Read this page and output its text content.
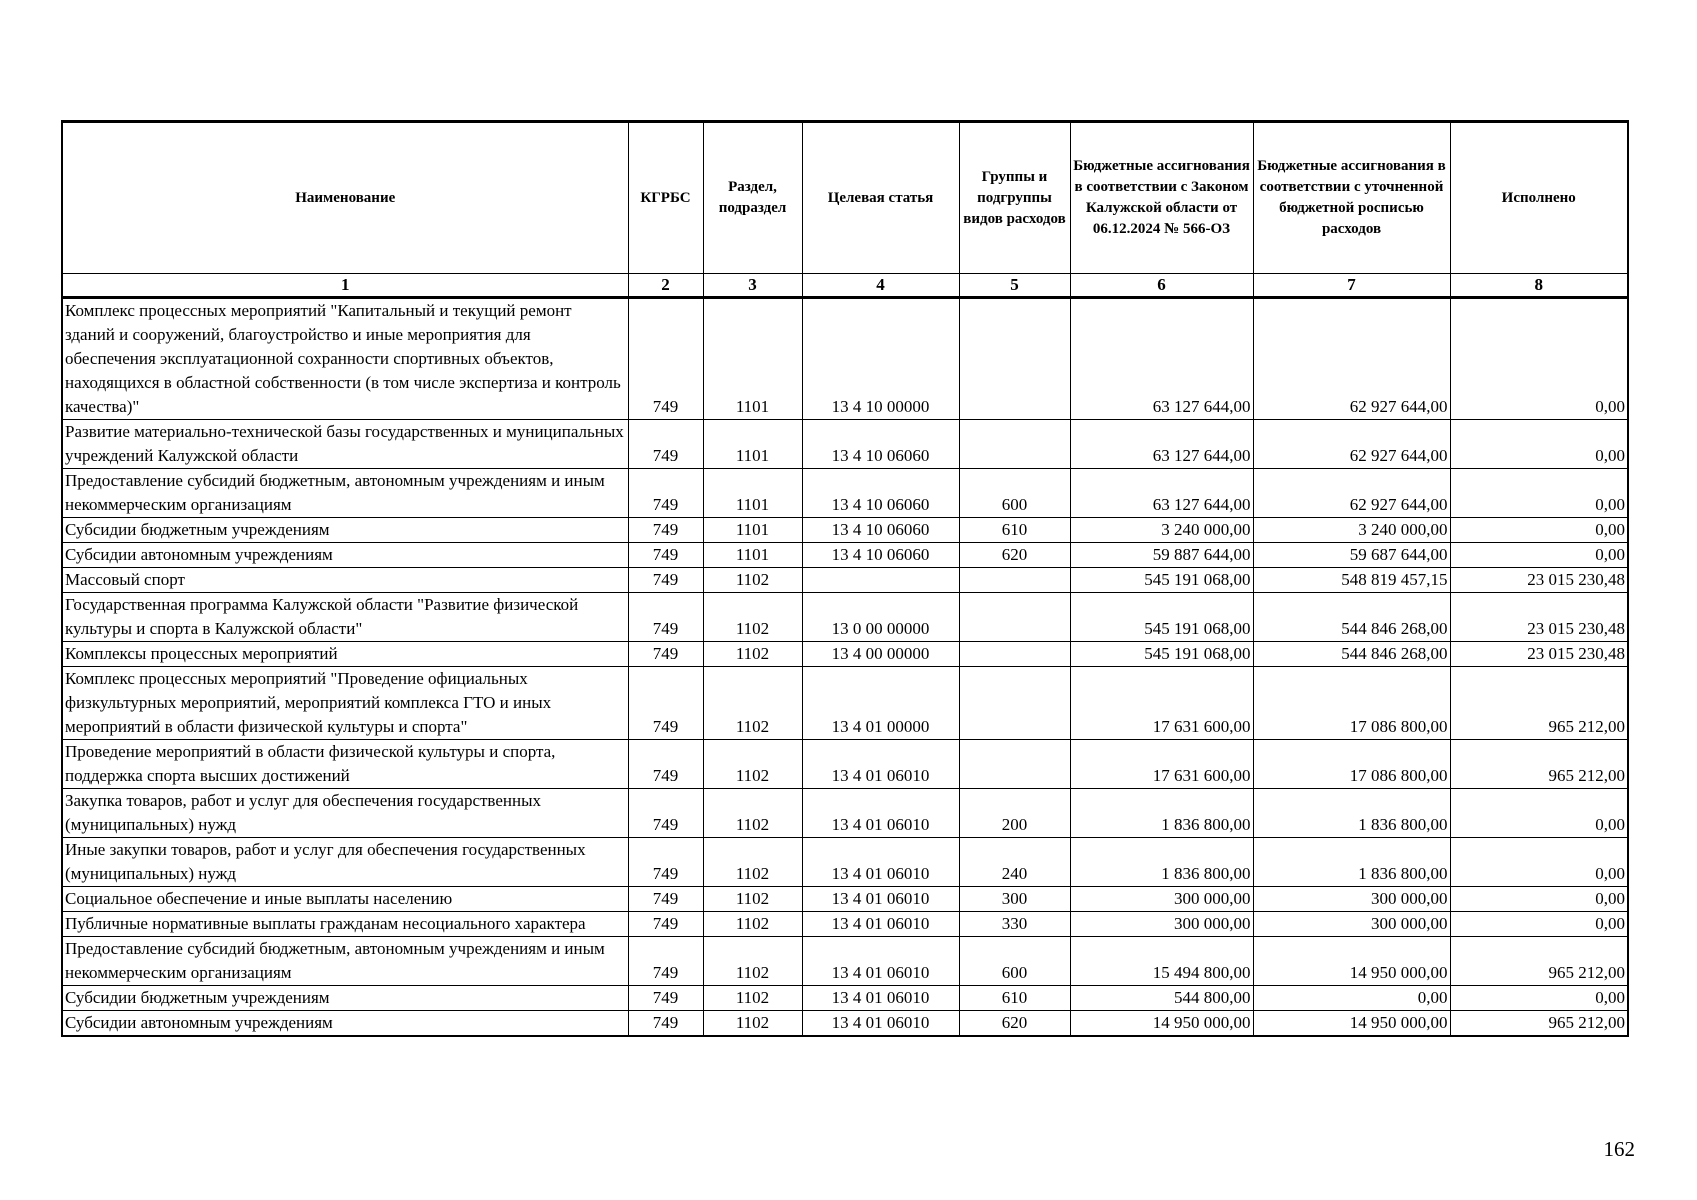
Наименование	КГРБС	Раздел, подраздел	Целевая статья	Группы и подгруппы видов расходов	Бюджетные ассигнования в соответствии с Законом Калужской области от 06.12.2024 № 566-ОЗ	Бюджетные ассигнования в соответствии с уточненной бюджетной росписью расходов	Исполнено
1	2	3	4	5	6	7	8
Комплекс процессных мероприятий "Капитальный и текущий ремонт зданий и сооружений, благоустройство и иные мероприятия для обеспечения эксплуатационной сохранности спортивных объектов, находящихся в областной собственности (в том числе экспертиза и контроль качества)"	749	1101	13 4 10 00000		63 127 644,00	62 927 644,00	0,00
Развитие материально-технической базы государственных и муниципальных учреждений Калужской области	749	1101	13 4 10 06060		63 127 644,00	62 927 644,00	0,00
Предоставление субсидий бюджетным, автономным учреждениям и иным некоммерческим организациям	749	1101	13 4 10 06060	600	63 127 644,00	62 927 644,00	0,00
Субсидии бюджетным учреждениям	749	1101	13 4 10 06060	610	3 240 000,00	3 240 000,00	0,00
Субсидии автономным учреждениям	749	1101	13 4 10 06060	620	59 887 644,00	59 687 644,00	0,00
Массовый спорт	749	1102			545 191 068,00	548 819 457,15	23 015 230,48
Государственная программа Калужской области "Развитие физической культуры и спорта в Калужской области"	749	1102	13 0 00 00000		545 191 068,00	544 846 268,00	23 015 230,48
Комплексы процессных мероприятий	749	1102	13 4 00 00000		545 191 068,00	544 846 268,00	23 015 230,48
Комплекс процессных мероприятий "Проведение официальных физкультурных мероприятий, мероприятий комплекса ГТО и иных мероприятий в области физической культуры и спорта"	749	1102	13 4 01 00000		17 631 600,00	17 086 800,00	965 212,00
Проведение мероприятий в области физической культуры и спорта, поддержка спорта высших достижений	749	1102	13 4 01 06010		17 631 600,00	17 086 800,00	965 212,00
Закупка товаров, работ и услуг для обеспечения государственных (муниципальных) нужд	749	1102	13 4 01 06010	200	1 836 800,00	1 836 800,00	0,00
Иные закупки товаров, работ и услуг для обеспечения государственных (муниципальных) нужд	749	1102	13 4 01 06010	240	1 836 800,00	1 836 800,00	0,00
Социальное обеспечение и иные выплаты населению	749	1102	13 4 01 06010	300	300 000,00	300 000,00	0,00
Публичные нормативные выплаты гражданам несоциального характера	749	1102	13 4 01 06010	330	300 000,00	300 000,00	0,00
Предоставление субсидий бюджетным, автономным учреждениям и иным некоммерческим организациям	749	1102	13 4 01 06010	600	15 494 800,00	14 950 000,00	965 212,00
Субсидии бюджетным учреждениям	749	1102	13 4 01 06010	610	544 800,00	0,00	0,00
Субсидии автономным учреждениям	749	1102	13 4 01 06010	620	14 950 000,00	14 950 000,00	965 212,00
162
